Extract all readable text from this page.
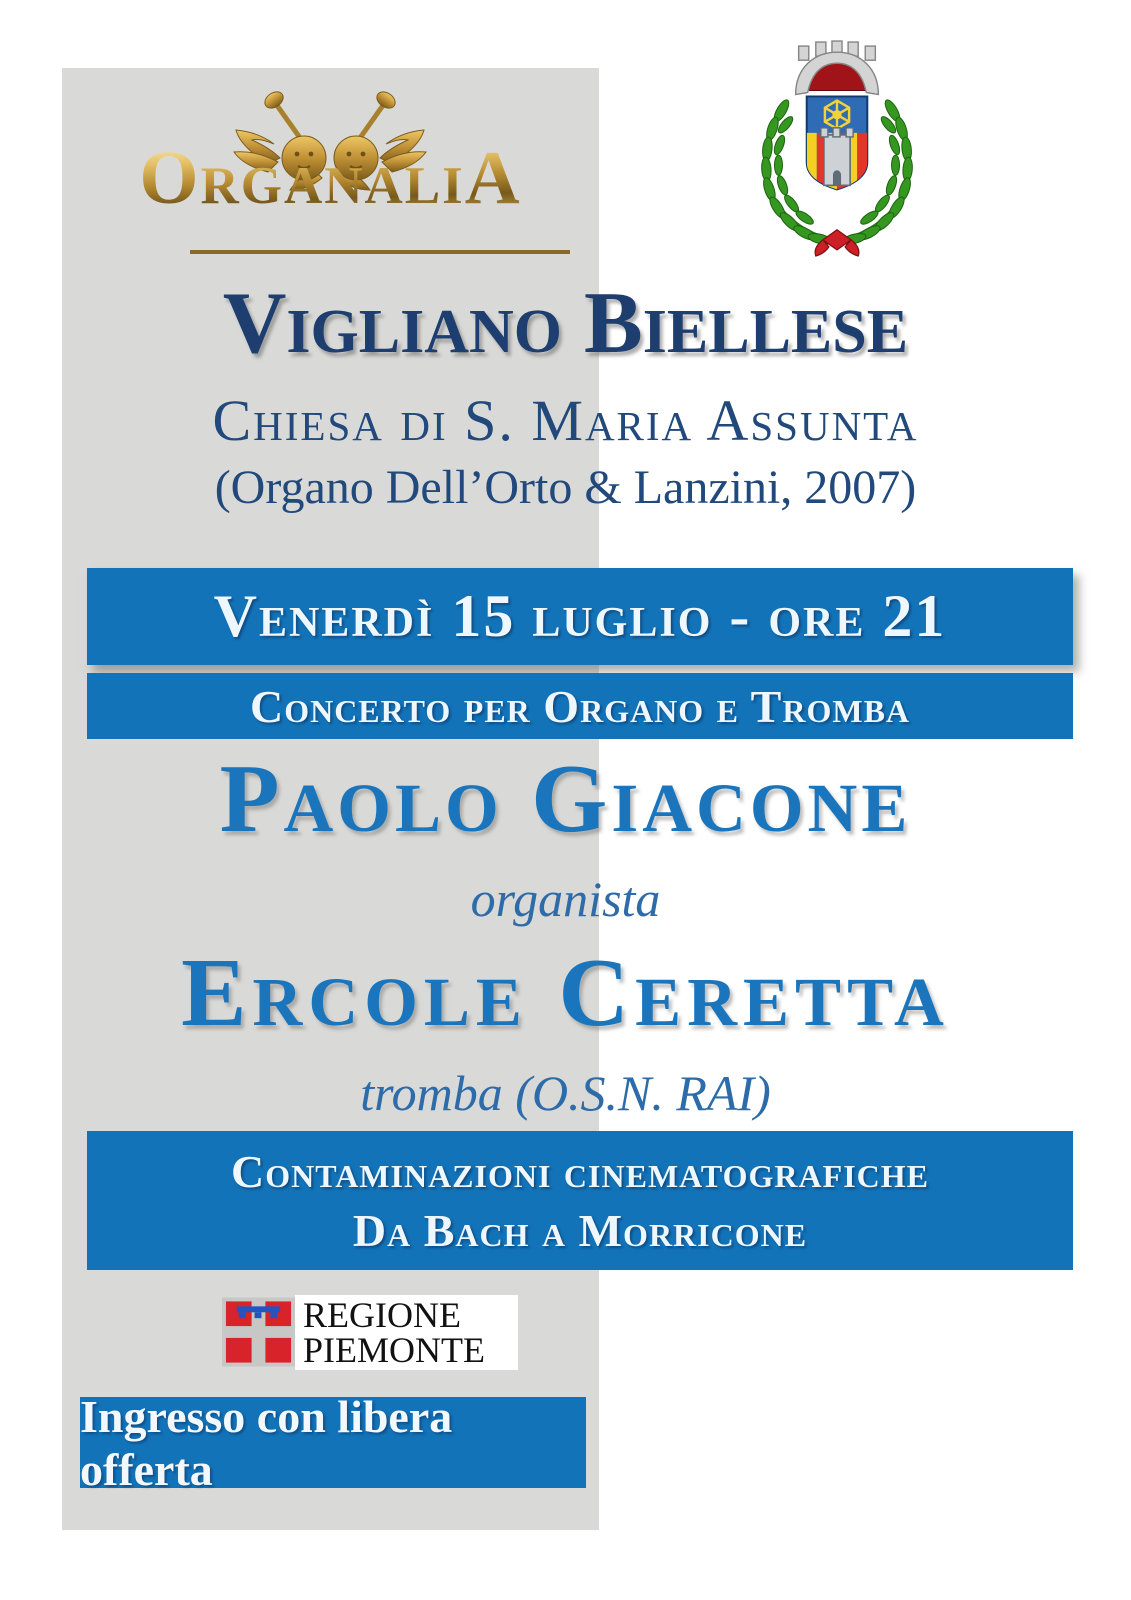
OrganaliA
Vigliano Biellese
Chiesa di S. Maria Assunta
(Organo Dell’Orto & Lanzini, 2007)
Venerdì 15 luglio - ore 21
Concerto per Organo e Tromba
Paolo Giacone
organista
Ercole Ceretta
tromba (O.S.N. RAI)
Contaminazioni cinematografiche
Da Bach a Morricone
REGIONE
PIEMONTE
Ingresso con libera offerta
